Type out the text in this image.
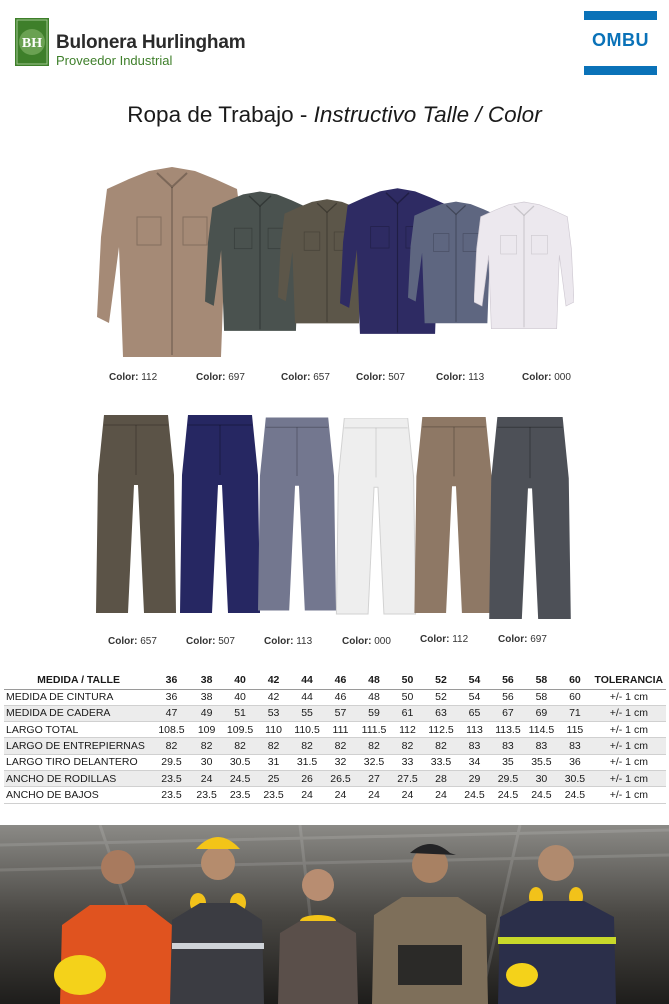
BH Bulonera Hurlingham
Proveedor Industrial
OMBU
Ropa de Trabajo - Instructivo Talle / Color
Color: 112	Color: 697	Color: 657	Color: 507	Color: 113	Color: 000
Color: 657	Color: 507	Color: 113	Color: 000	Color: 112	Color: 697
MEDIDA / TALLE	36	38	40	42	44	46	48	50	52	54	56	58	60	TOLERANCIA
MEDIDA DE CINTURA	36	38	40	42	44	46	48	50	52	54	56	58	60	+/- 1 cm
MEDIDA DE CADERA	47	49	51	53	55	57	59	61	63	65	67	69	71	+/- 1 cm
LARGO TOTAL	108.5	109	109.5	110	110.5	111	111.5	112	112.5	113	113.5	114.5	115	+/- 1 cm
LARGO DE ENTREPIERNAS	82	82	82	82	82	82	82	82	82	83	83	83	83	+/- 1 cm
LARGO TIRO DELANTERO	29.5	30	30.5	31	31.5	32	32.5	33	33.5	34	35	35.5	36	+/- 1 cm
ANCHO DE RODILLAS	23.5	24	24.5	25	26	26.5	27	27.5	28	29	29.5	30	30.5	+/- 1 cm
ANCHO DE BAJOS	23.5	23.5	23.5	23.5	24	24	24	24	24	24.5	24.5	24.5	24.5	+/- 1 cm
